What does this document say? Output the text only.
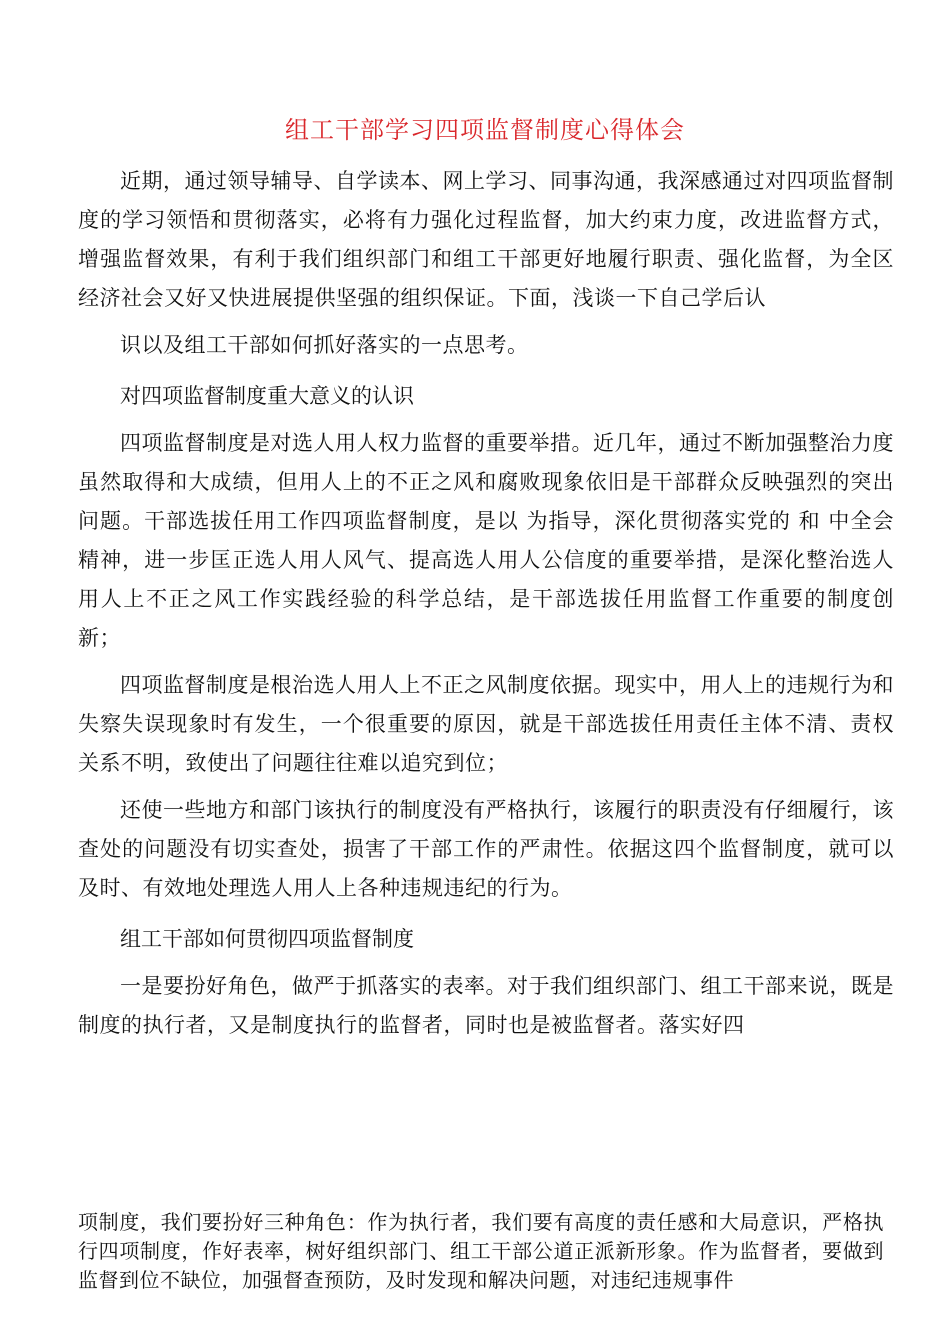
组工干部学习四项监督制度心得体会

近期，通过领导辅导、自学读本、网上学习、同事沟通，我深感通过对四项监督制度的学习领悟和贯彻落实，必将有力强化过程监督，加大约束力度，改进监督方式，增强监督效果，有利于我们组织部门和组工干部更好地履行职责、强化监督，为全区经济社会又好又快进展提供坚强的组织保证。下面，浅谈一下自己学后认

识以及组工干部如何抓好落实的一点思考。

对四项监督制度重大意义的认识

四项监督制度是对选人用人权力监督的重要举措。近几年，通过不断加强整治力度虽然取得和大成绩，但用人上的不正之风和腐败现象依旧是干部群众反映强烈的突出问题。干部选拔任用工作四项监督制度，是以 为指导，深化贯彻落实党的 和 中全会精神，进一步匡正选人用人风气、提高选人用人公信度的重要举措，是深化整治选人用人上不正之风工作实践经验的科学总结，是干部选拔任用监督工作重要的制度创新；

四项监督制度是根治选人用人上不正之风制度依据。现实中，用人上的违规行为和失察失误现象时有发生，一个很重要的原因，就是干部选拔任用责任主体不清、责权关系不明，致使出了问题往往难以追究到位；

还使一些地方和部门该执行的制度没有严格执行，该履行的职责没有仔细履行，该查处的问题没有切实查处，损害了干部工作的严肃性。依据这四个监督制度，就可以及时、有效地处理选人用人上各种违规违纪的行为。

组工干部如何贯彻四项监督制度

一是要扮好角色，做严于抓落实的表率。对于我们组织部门、组工干部来说，既是制度的执行者，又是制度执行的监督者，同时也是被监督者。落实好四

项制度，我们要扮好三种角色：作为执行者，我们要有高度的责任感和大局意识，严格执行四项制度，作好表率，树好组织部门、组工干部公道正派新形象。作为监督者，要做到监督到位不缺位，加强督查预防，及时发现和解决问题，对违纪违规事件
